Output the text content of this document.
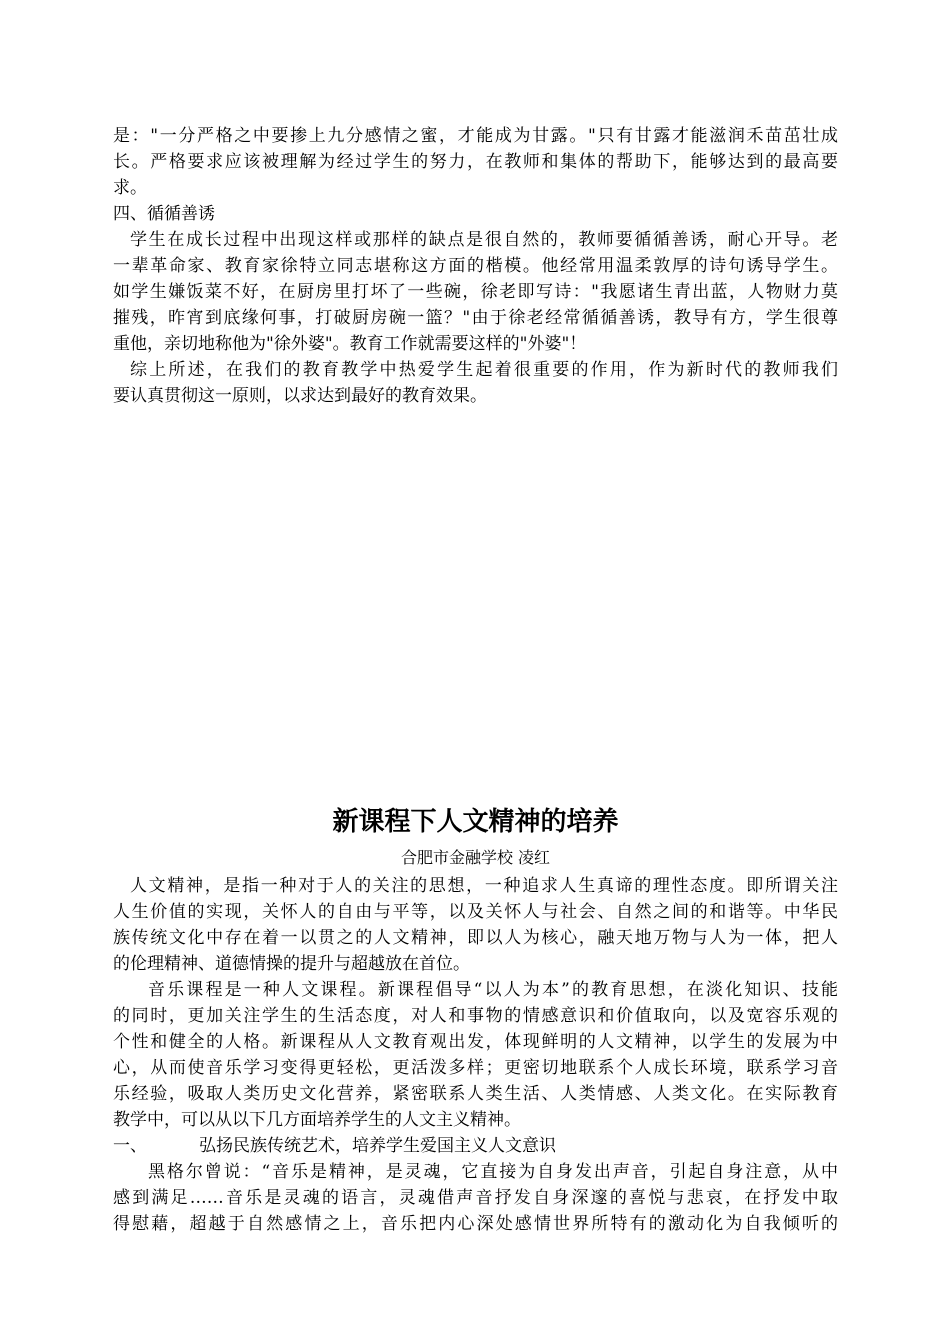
是："一分严格之中要掺上九分感情之蜜，才能成为甘露。"只有甘露才能滋润禾苗茁壮成
长。严格要求应该被理解为经过学生的努力，在教师和集体的帮助下，能够达到的最高要
求。
四、循循善诱
学生在成长过程中出现这样或那样的缺点是很自然的，教师要循循善诱，耐心开导。老
一辈革命家、教育家徐特立同志堪称这方面的楷模。他经常用温柔敦厚的诗句诱导学生。
如学生嫌饭菜不好，在厨房里打坏了一些碗，徐老即写诗："我愿诸生青出蓝，人物财力莫
摧残，昨宵到底缘何事，打破厨房碗一篮？"由于徐老经常循循善诱，教导有方，学生很尊
重他，亲切地称他为"徐外婆"。教育工作就需要这样的"外婆"！
综上所述，在我们的教育教学中热爱学生起着很重要的作用，作为新时代的教师我们
要认真贯彻这一原则，以求达到最好的教育效果。
新课程下人文精神的培养
合肥市金融学校 凌红
人文精神，是指一种对于人的关注的思想，一种追求人生真谛的理性态度。即所谓关注
人生价值的实现，关怀人的自由与平等，以及关怀人与社会、自然之间的和谐等。中华民
族传统文化中存在着一以贯之的人文精神，即以人为核心，融天地万物与人为一体，把人
的伦理精神、道德情操的提升与超越放在首位。
音乐课程是一种人文课程。新课程倡导“以人为本”的教育思想，在淡化知识、技能
的同时，更加关注学生的生活态度，对人和事物的情感意识和价值取向，以及宽容乐观的
个性和健全的人格。新课程从人文教育观出发，体现鲜明的人文精神，以学生的发展为中
心，从而使音乐学习变得更轻松，更活泼多样；更密切地联系个人成长环境，联系学习音
乐经验，吸取人类历史文化营养，紧密联系人类生活、人类情感、人类文化。在实际教育
教学中，可以从以下几方面培养学生的人文主义精神。
一、	弘扬民族传统艺术，培养学生爱国主义人文意识
黑格尔曾说：“音乐是精神，是灵魂，它直接为自身发出声音，引起自身注意，从中
感到满足……音乐是灵魂的语言，灵魂借声音抒发自身深邃的喜悦与悲哀，在抒发中取
得慰藉，超越于自然感情之上，音乐把内心深处感情世界所特有的激动化为自我倾听的
